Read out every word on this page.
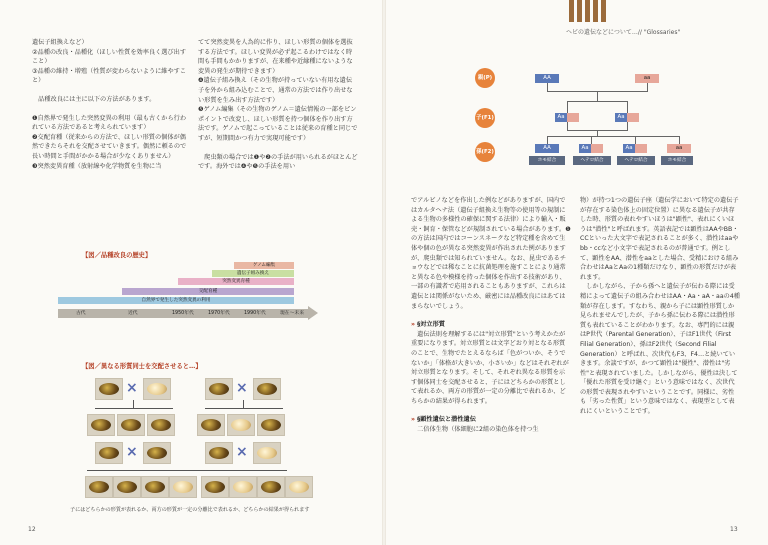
遺伝子組換えなど）

②品種の改良・品種化（ほしい性質を効率良く選び出すこと）

③品種の維持・増殖（性質が変わらないように維やすこと）

　品種改良には主に以下の方法があります。

❶自然界で発生した突然変異の利用（最も古くから行われている方法であると考えられています）

❷交配育種（従来からの方法で、ほしい形質の個体が偶然できたらそれを交配させていきます。偶然に頼るので長い時間と手間がかかる場合が少なくありません）

❸突然変異育種（放射線や化学物質を生物に当

てて突然変異を人為的に作り、ほしい形質の個体を選抜する方法です。ほしい変異が必ず起こるわけではなく時間も手間もかかりますが、在来種や近縁種にないような変異の発生が期待できます）

❹遺伝子組み換え（その生物が持っていない有用な遺伝子を外から組み込むことで、通常の方法では作り出せない形質を生み出す方法です）

❺ゲノム編集（その生物のゲノム＝遺伝情報の一部をピンポイントで改変し、ほしい形質を持つ個体を作り出す方法です。ゲノムで起こっていることは従来の育種と同じですが、短期間かつ有力で実現可能です）

　爬虫類の場合では❶や❷の手法が用いられるがほとんどです。海外では❹や❺の手法を用い

【図／品種改良の歴史】
ゲノム編集
遺伝子組み換え
突然変異育種
交配育種
自然界で発生した突然変異の利用
古代	近代	1950年代	1970年代	1990年代	現在～未来
【図／異なる形質同士を交配させると…】
×	×
×	×
子にはどちらかの形質が表れるか、両方の形質が一定の分離比で表れるか、どちらかの結果が得られます
12
ヘビの遺伝などについて…// "Glossaries"
親(P)
子(F1)
孫(F2)
AA	aa
Aa	Aa
AA	Aa	Aa	aa
ホモ結合	ヘテロ結合	ヘテロ結合	ホモ結合

でアルビノなどを作出した例などがありますが、国内ではカルタヘナ法（遺伝子組換え生物等の使用等の規制による生物の多様性の確保に関する法律）により輸入・販売・飼育・保管などが規制されている場合があります。❶の方法は国内ではコーンスネークなど特定種を含めて生体や個の色が異なる突然変異が作出された例がありますが、爬虫類では知られていません。なお、昆虫であるチョウなどでは稀なことに抗菌処理を施すことにより通常と異なる色や模様を持った個体を作出する技術があり、一部の有識者で応用されることもありますが、これらは遺伝とは関係がないため、厳密には品種改良にはあてはまらないでしょう。

» §対立形質

　遺伝法則を理解するには"対立形質"という考えかたが重要になります。対立形質とは文字どおり対となる形質のことで、生物でたとえるならば「色がついか、そうでないか」「体格が大きいか、小さいか」などはそれぞれが対立形質となります。そして、それぞれ異なる形質を示す個体同士を交配させると、子にはどちらかの形質として表れるか、両方の形質が一定の分離比で表れるか、どちらかの結果が得られます。

» §顕性遺伝と潜性遺伝

　二倍体生物（体細胞に2組の染色体を持つ生

物）が持つ1つの遺伝子座（遺伝学において特定の遺伝子が存在する染色体上の固定位置）に異なる遺伝子が共存した時、形質の表れやすいほうは"顕性"、表れにくいほうは"潜性"と呼ばれます。英語表記では顕性はAAやBB・CCといった大文字で表記されることが多く、潜性はaaやbb・ccなど小文字で表記されるのが普通です。例として、顕性をAA、潜性をaaとした場合、受精における組み合わせはAaとAaの1種類だけなり、顕性の形質だけが表れます。

　しかしながら、子から孫へと遺伝子が伝わる際には受精によって遺伝子の組み合わせはAA・Aa・aA・aaの4種類が存在します。すなわち、親から子には顕性形質しか見られませんでしたが、子から孫に伝わる際には潜性形質も表れていることがわかります。なお、専門的には親はP世代（Parental Generation）、子はF1世代（First Filial Generation）、孫はF2世代（Second Filial Generation）と呼ばれ、次世代もF3、F4…と続いていきます。余談ですが、かつて顕性は"優性"、潜性は"劣性"と表現されていました。しかしながら、優性は決して「優れた形質を受け継ぐ」という意味ではなく、次世代の形質で表現されやすいということです。同様に、劣性も「劣った性質」という意味ではなく、表現型として表れにくいということです。

13
